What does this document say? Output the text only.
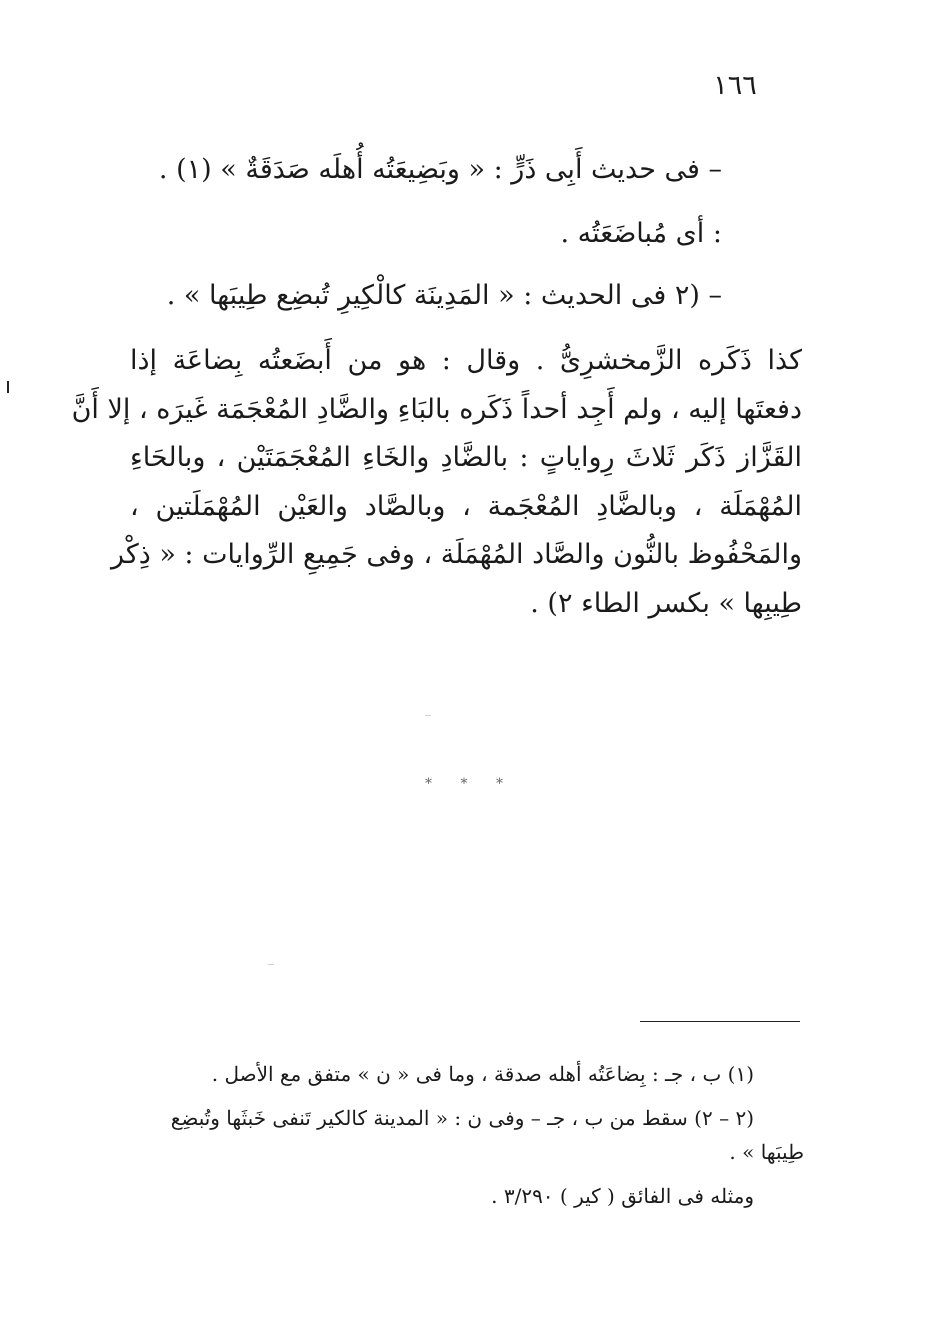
١٦٦
– فى حديث أَبِى ذَرٍّ : « وبَضِيعَتُه أُهلَه صَدَقَةٌ » (١) .
: أى مُباضَعَتُه .
– (٢ فى الحديث : « المَدِينَة كالْكِيرِ تُبضِع طِيبَها » .
كذا ذَكَره الزَّمخشرِىُّ . وقال : هو من أَبضَعتُه بِضاعَة إذا
دفعتَها إليه ، ولم أَجِد أحداً ذَكَره بالبَاءِ والضَّادِ المُعْجَمَة غَيرَه ، إلا أَنَّ
القَزَّاز ذَكَر ثَلاثَ رِواياتٍ : بالضَّادِ والخَاءِ المُعْجَمَتَيْن ، وبالحَاءِ
المُهْمَلَة ، وبالضَّادِ المُعْجَمة ، وبالصَّاد والعَيْن المُهْمَلَتين ،
والمَحْفُوظ بالنُّون والصَّاد المُهْمَلَة ، وفى جَمِيعِ الرِّوايات : « ذِكْر
طِيبِها » بكسر الطاء ٢) .
* * *
(١) ب ، جـ : بِضاعَتُه أهله صدقة ، وما فى « ن » متفق مع الأصل .
(٢ – ٢) سقط من ب ، جـ – وفى ن : « المدينة كالكير تَنفى خَبثَها وتُبضِع
طِيبَها » .
ومثله فى الفائق ( كير ) ٣/٢٩٠ .
